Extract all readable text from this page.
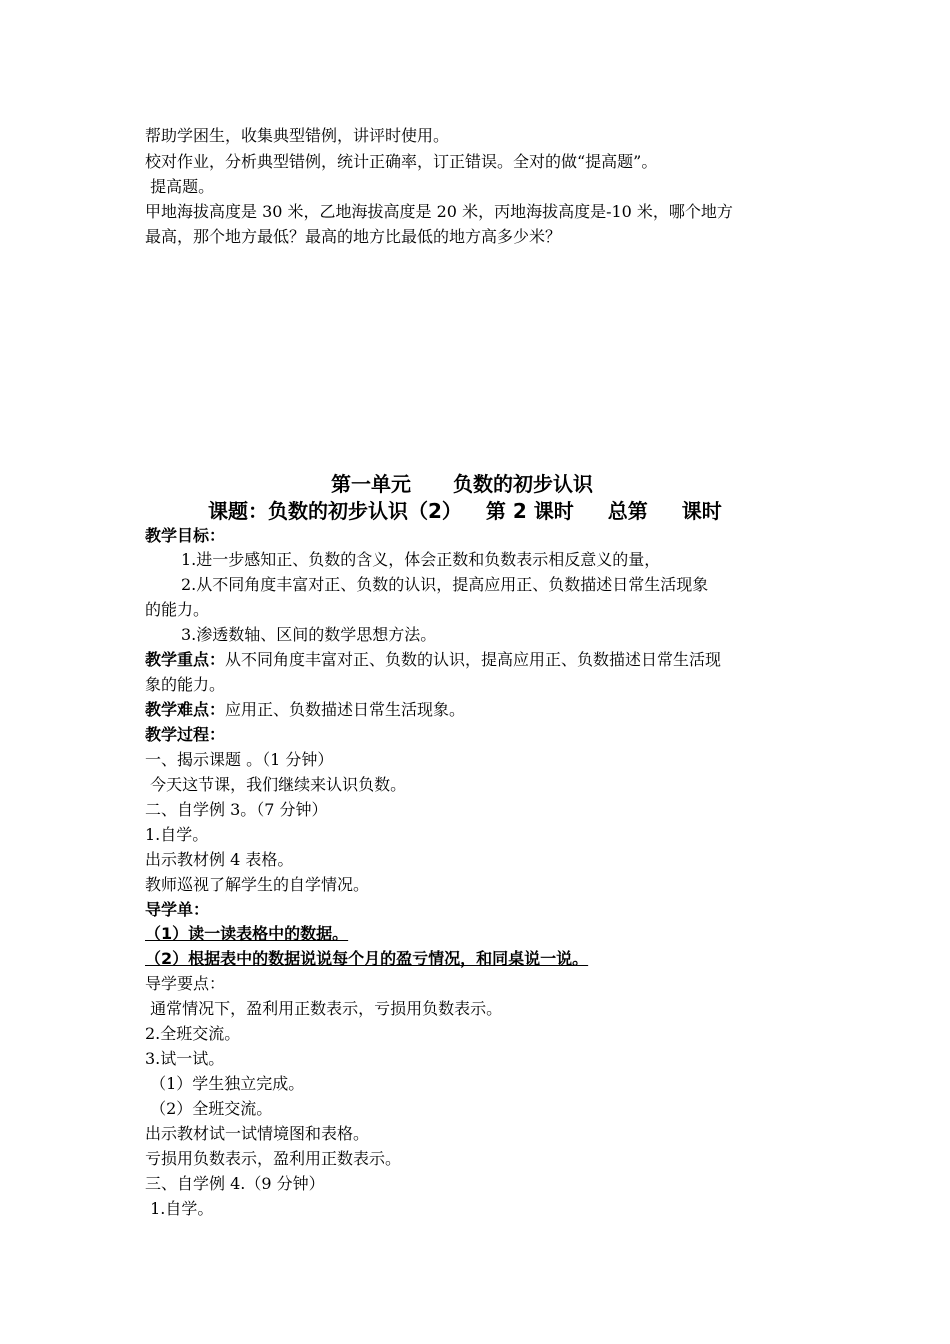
帮助学困生，收集典型错例，讲评时使用。
校对作业，分析典型错例，统计正确率，订正错误。全对的做“提高题”。
提高题。
甲地海拔高度是 30 米，乙地海拔高度是 20 米，丙地海拔高度是-10 米，哪个地方
最高，那个地方最低？最高的地方比最低的地方高多少米？
第一单元 负数的初步认识
课题：负数的初步认识（2） 第 2 课时 总第 课时
教学目标：
1.进一步感知正、负数的含义，体会正数和负数表示相反意义的量，
2.从不同角度丰富对正、负数的认识，提高应用正、负数描述日常生活现象
的能力。
3.渗透数轴、区间的数学思想方法。
教学重点：从不同角度丰富对正、负数的认识，提高应用正、负数描述日常生活现
象的能力。
教学难点：应用正、负数描述日常生活现象。
教学过程：
一、揭示课题 。（1 分钟）
今天这节课，我们继续来认识负数。
二、自学例 3。（7 分钟）
1.自学。
出示教材例 4 表格。
教师巡视了解学生的自学情况。
导学单：
（1）读一读表格中的数据。
（2）根据表中的数据说说每个月的盈亏情况，和同桌说一说。
导学要点：
通常情况下，盈利用正数表示，亏损用负数表示。
2.全班交流。
3.试一试。
（1）学生独立完成。
（2）全班交流。
出示教材试一试情境图和表格。
亏损用负数表示，盈利用正数表示。
三、自学例 4.（9 分钟）
1.自学。
